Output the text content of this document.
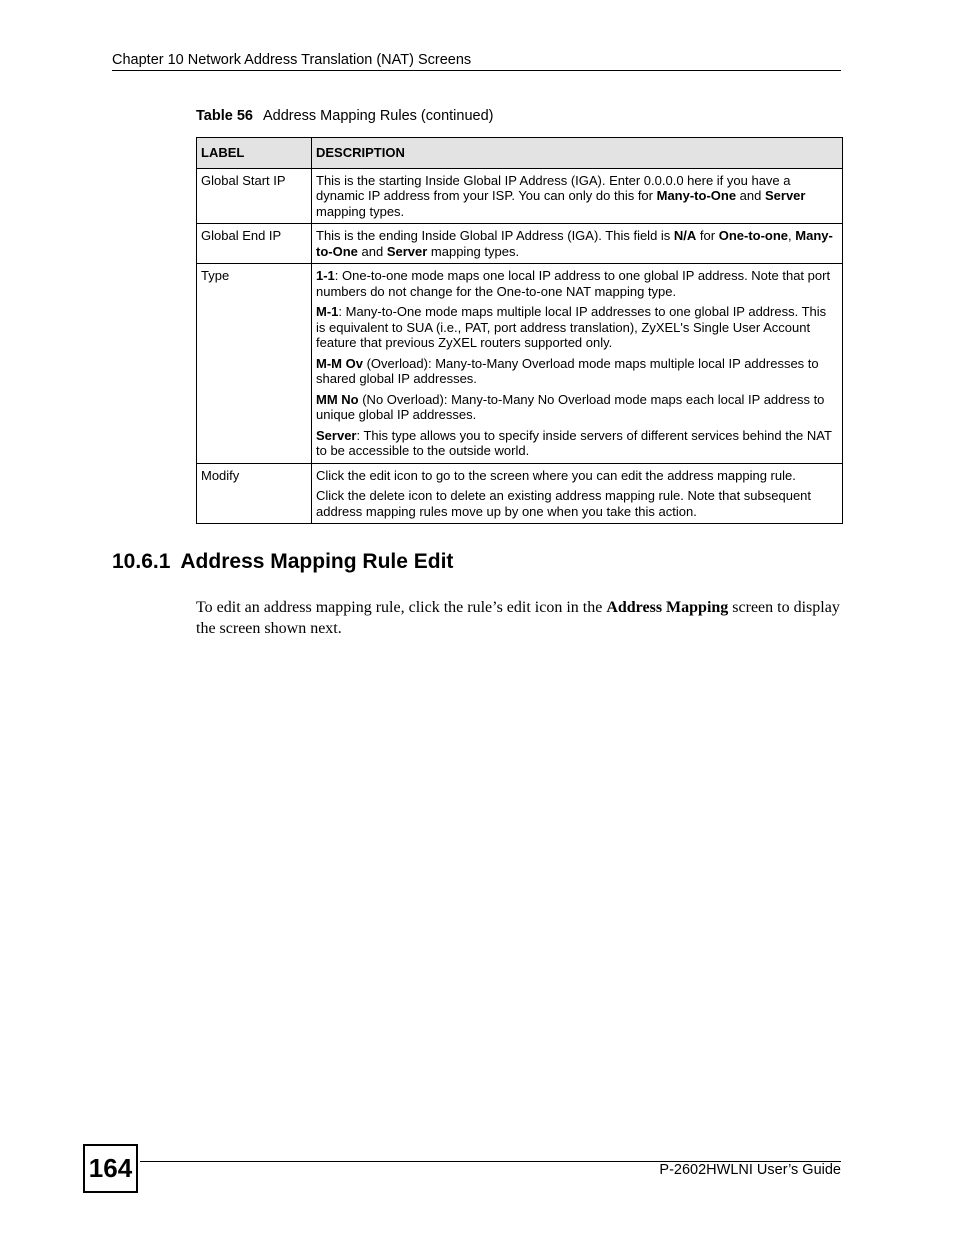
Chapter 10 Network Address Translation (NAT) Screens
Table 56 Address Mapping Rules (continued)
LABEL	DESCRIPTION
Global Start IP	This is the starting Inside Global IP Address (IGA). Enter 0.0.0.0 here if you have a dynamic IP address from your ISP. You can only do this for Many-to-One and Server mapping types.
Global End IP	This is the ending Inside Global IP Address (IGA). This field is N/A for One-to-one, Many-to-One and Server mapping types.
Type	1-1: One-to-one mode maps one local IP address to one global IP address. Note that port numbers do not change for the One-to-one NAT mapping type.

M-1: Many-to-One mode maps multiple local IP addresses to one global IP address. This is equivalent to SUA (i.e., PAT, port address translation), ZyXEL's Single User Account feature that previous ZyXEL routers supported only.

M-M Ov (Overload): Many-to-Many Overload mode maps multiple local IP addresses to shared global IP addresses.

MM No (No Overload): Many-to-Many No Overload mode maps each local IP address to unique global IP addresses.

Server: This type allows you to specify inside servers of different services behind the NAT to be accessible to the outside world.

Modify	Click the edit icon to go to the screen where you can edit the address mapping rule.

Click the delete icon to delete an existing address mapping rule. Note that subsequent address mapping rules move up by one when you take this action.

10.6.1 Address Mapping Rule Edit

To edit an address mapping rule, click the rule’s edit icon in the Address Mapping screen to display the screen shown next.

164	P-2602HWLNI User’s Guide
